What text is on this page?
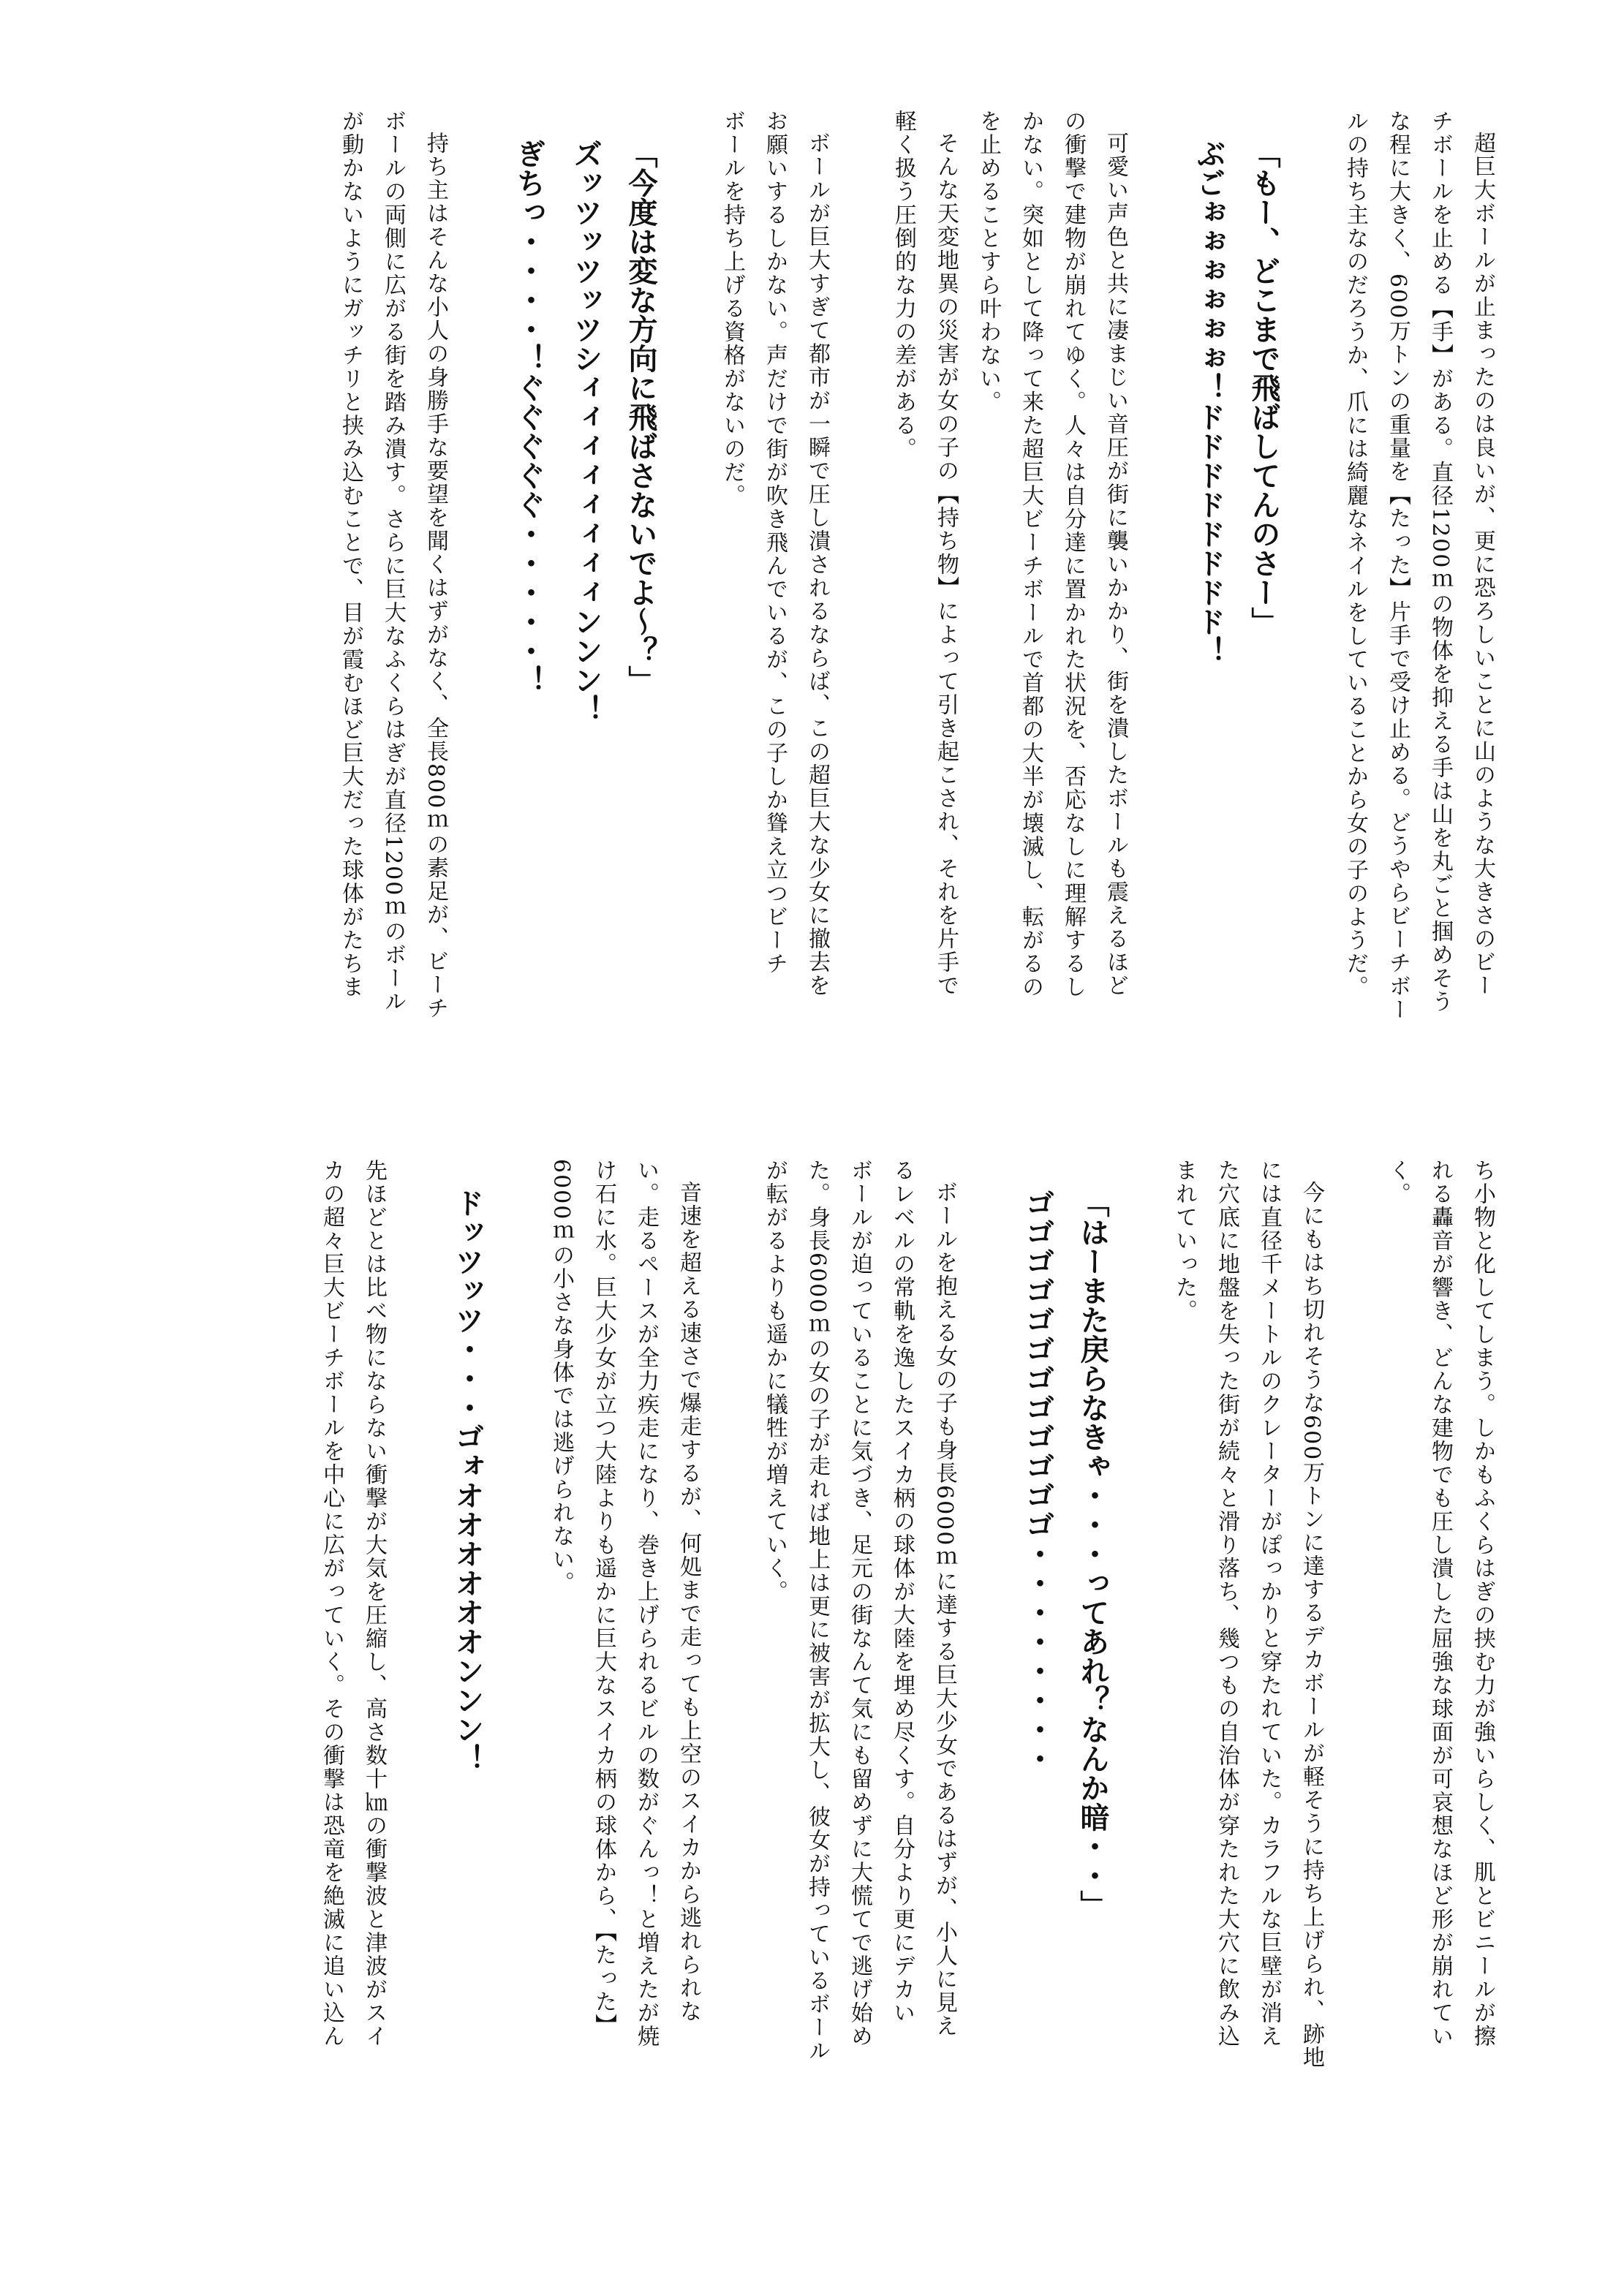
超巨大ボールが止まったのは良いが、更に恐ろしいことに山のような大きさのビー
チボールを止める【手】がある。直径1200ｍの物体を抑える手は山を丸ごと掴めそう
な程に大きく、600万トンの重量を【たった】片手で受け止める。どうやらビーチボー
ルの持ち主なのだろうか、爪には綺麗なネイルをしていることから女の子のようだ。
「もー、どこまで飛ばしてんのさー」
ぶごぉぉぉぉぉぉ！ドドドドドドドド！
可愛い声色と共に凄まじい音圧が街に襲いかかり、街を潰したボールも震えるほど
の衝撃で建物が崩れてゆく。人々は自分達に置かれた状況を、否応なしに理解するし
かない。突如として降って来た超巨大ビーチボールで首都の大半が壊滅し、転がるの
を止めることすら叶わない。
そんな天変地異の災害が女の子の【持ち物】によって引き起こされ、それを片手で
軽く扱う圧倒的な力の差がある。
ボールが巨大すぎて都市が一瞬で圧し潰されるならば、この超巨大な少女に撤去を
お願いするしかない。声だけで街が吹き飛んでいるが、この子しか聳え立つビーチ
ボールを持ち上げる資格がないのだ。
「今度は変な方向に飛ばさないでよ～？」
ズッツッツッツシィィィィィィィィンンン！
ぎちっ・・・・！ぐぐぐぐぐ・・・・・！
持ち主はそんな小人の身勝手な要望を聞くはずがなく、全長800ｍの素足が、ビーチ
ボールの両側に広がる街を踏み潰す。さらに巨大なふくらはぎが直径1200ｍのボール
が動かないようにガッチリと挟み込むことで、目が霞むほど巨大だった球体がたちま
ち小物と化してしまう。しかもふくらはぎの挟む力が強いらしく、肌とビニールが擦
れる轟音が響き、どんな建物でも圧し潰した屈強な球面が可哀想なほど形が崩れてい
く。
今にもはち切れそうな600万トンに達するデカボールが軽そうに持ち上げられ、跡地
には直径千メートルのクレーターがぽっかりと穿たれていた。カラフルな巨壁が消え
た穴底に地盤を失った街が続々と滑り落ち、幾つもの自治体が穿たれた大穴に飲み込
まれていった。
「はーまた戻らなきゃ・・・ってあれ？なんか暗・・」
ゴゴゴゴゴゴゴゴゴゴゴゴ・・・・・・・・
ボールを抱える女の子も身長6000ｍに達する巨大少女であるはずが、小人に見え
るレベルの常軌を逸したスイカ柄の球体が大陸を埋め尽くす。自分より更にデカい
ボールが迫っていることに気づき、足元の街なんて気にも留めずに大慌てで逃げ始め
た。身長6000ｍの女の子が走れば地上は更に被害が拡大し、彼女が持っているボール
が転がるよりも遥かに犠牲が増えていく。
音速を超える速さで爆走するが、何処まで走っても上空のスイカから逃れられな
い。走るペースが全力疾走になり、巻き上げられるビルの数がぐんっ！と増えたが焼
け石に水。巨大少女が立つ大陸よりも遥かに巨大なスイカ柄の球体から、【たった】
6000ｍの小さな身体では逃げられない。
ドッツッツ・・・ゴォオオオオオオンンン！
先ほどとは比べ物にならない衝撃が大気を圧縮し、高さ数十㎞の衝撃波と津波がスイ
カの超々巨大ビーチボールを中心に広がっていく。その衝撃は恐竜を絶滅に追い込ん
